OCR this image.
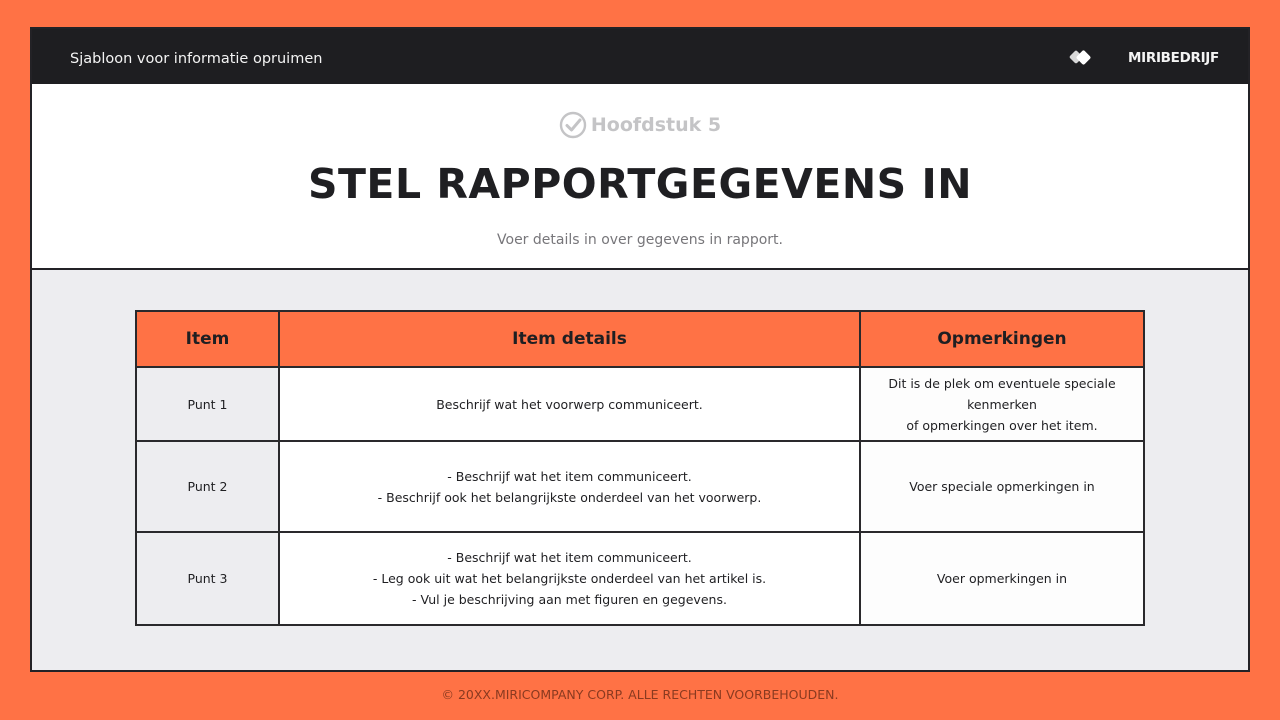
Sjabloon voor informatie opruimen	MIRIBEDRIJF
Hoofdstuk 5
STEL RAPPORTGEGEVENS IN
Voer details in over gegevens in rapport.
Item	Item details	Opmerkingen
Punt 1	Beschrijf wat het voorwerp communiceert.	Dit is de plek om eventuele speciale kenmerken
of opmerkingen over het item.

Punt 2	- Beschrijf wat het item communiceert.
- Beschrijf ook het belangrijkste onderdeel van het voorwerp.	Voer speciale opmerkingen in

Punt 3	- Beschrijf wat het item communiceert.
- Leg ook uit wat het belangrijkste onderdeel van het artikel is.
- Vul je beschrijving aan met figuren en gegevens.	Voer opmerkingen in
© 20XX.MIRICOMPANY CORP. ALLE RECHTEN VOORBEHOUDEN.
